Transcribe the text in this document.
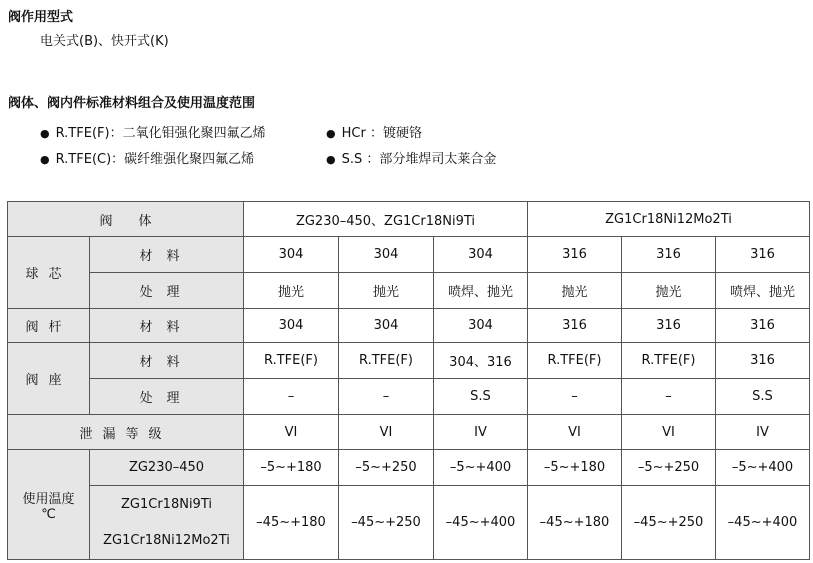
阀作用型式
电关式(B)、快开式(K)
阀体、阀内件标准材料组合及使用温度范围
● R.TFE(F)：二氧化钼强化聚四氟乙烯
● R.TFE(C)：碳纤维强化聚四氟乙烯
● HCr ：镀硬铬
● S.S ：部分堆焊司太莱合金
阀　　体		ZG230–450、ZG1Cr18Ni9Ti			ZG1Cr18Ni12Mo2Ti		
球芯	材料	304	304	304	316	316	316
	处理	抛光	抛光	喷焊、抛光	抛光	抛光	喷焊、抛光
阀杆	材料	304	304	304	316	316	316
阀座	材料	R.TFE(F)	R.TFE(F)	304、316	R.TFE(F)	R.TFE(F)	316
	处理	–	–	S.S	–	–	S.S
泄漏等级		VI	VI	IV	VI	VI	IV

使用温度
℃	ZG230–450	–5~+180	–5~+250	–5~+400	–5~+180	–5~+250	–5~+400

	ZG1Cr18Ni9Ti
ZG1Cr18Ni12Mo2Ti	–45~+180	–45~+250	–45~+400	–45~+180	–45~+250	–45~+400
